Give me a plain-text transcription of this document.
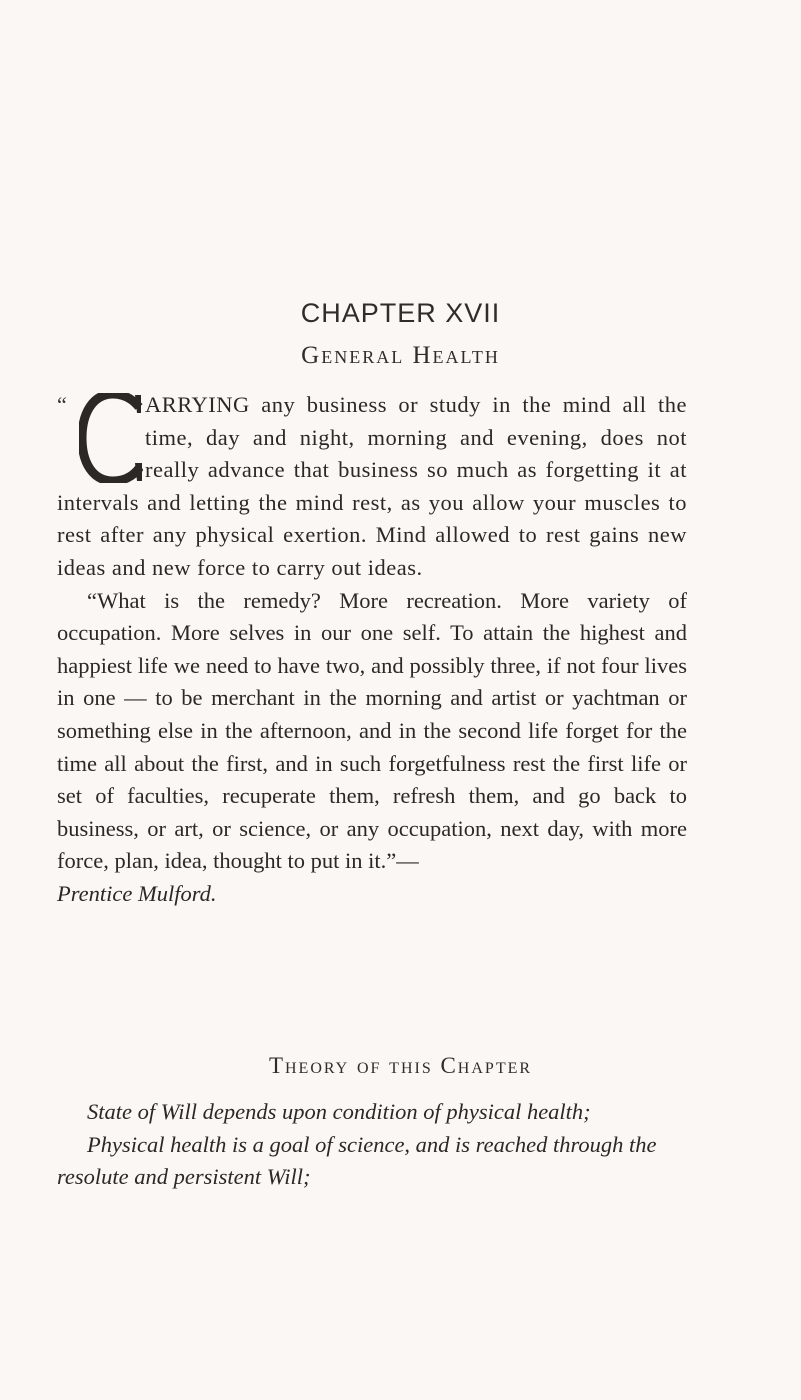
CHAPTER XVII
General Health

“	ARRYING any business or study in the mind all the time, day and night, morning and evening, does not really advance that business so much as forgetting it at intervals and letting the mind rest, as you allow your muscles to rest after any physical exertion. Mind allowed to rest gains new ideas and new force to carry out ideas.

“What is the remedy? More recreation. More variety of occupation. More selves in our one self. To attain the highest and happiest life we need to have two, and possibly three, if not four lives in one — to be merchant in the morning and artist or yachtman or something else in the afternoon, and in the second life forget for the time all about the first, and in such forgetfulness rest the first life or set of faculties, recuperate them, refresh them, and go back to business, or art, or science, or any occupation, next day, with more force, plan, idea, thought to put in it.”—
Prentice Mulford.

Theory of this Chapter

State of Will depends upon condition of physical health;

Physical health is a goal of science, and is reached through the resolute and persistent Will;
